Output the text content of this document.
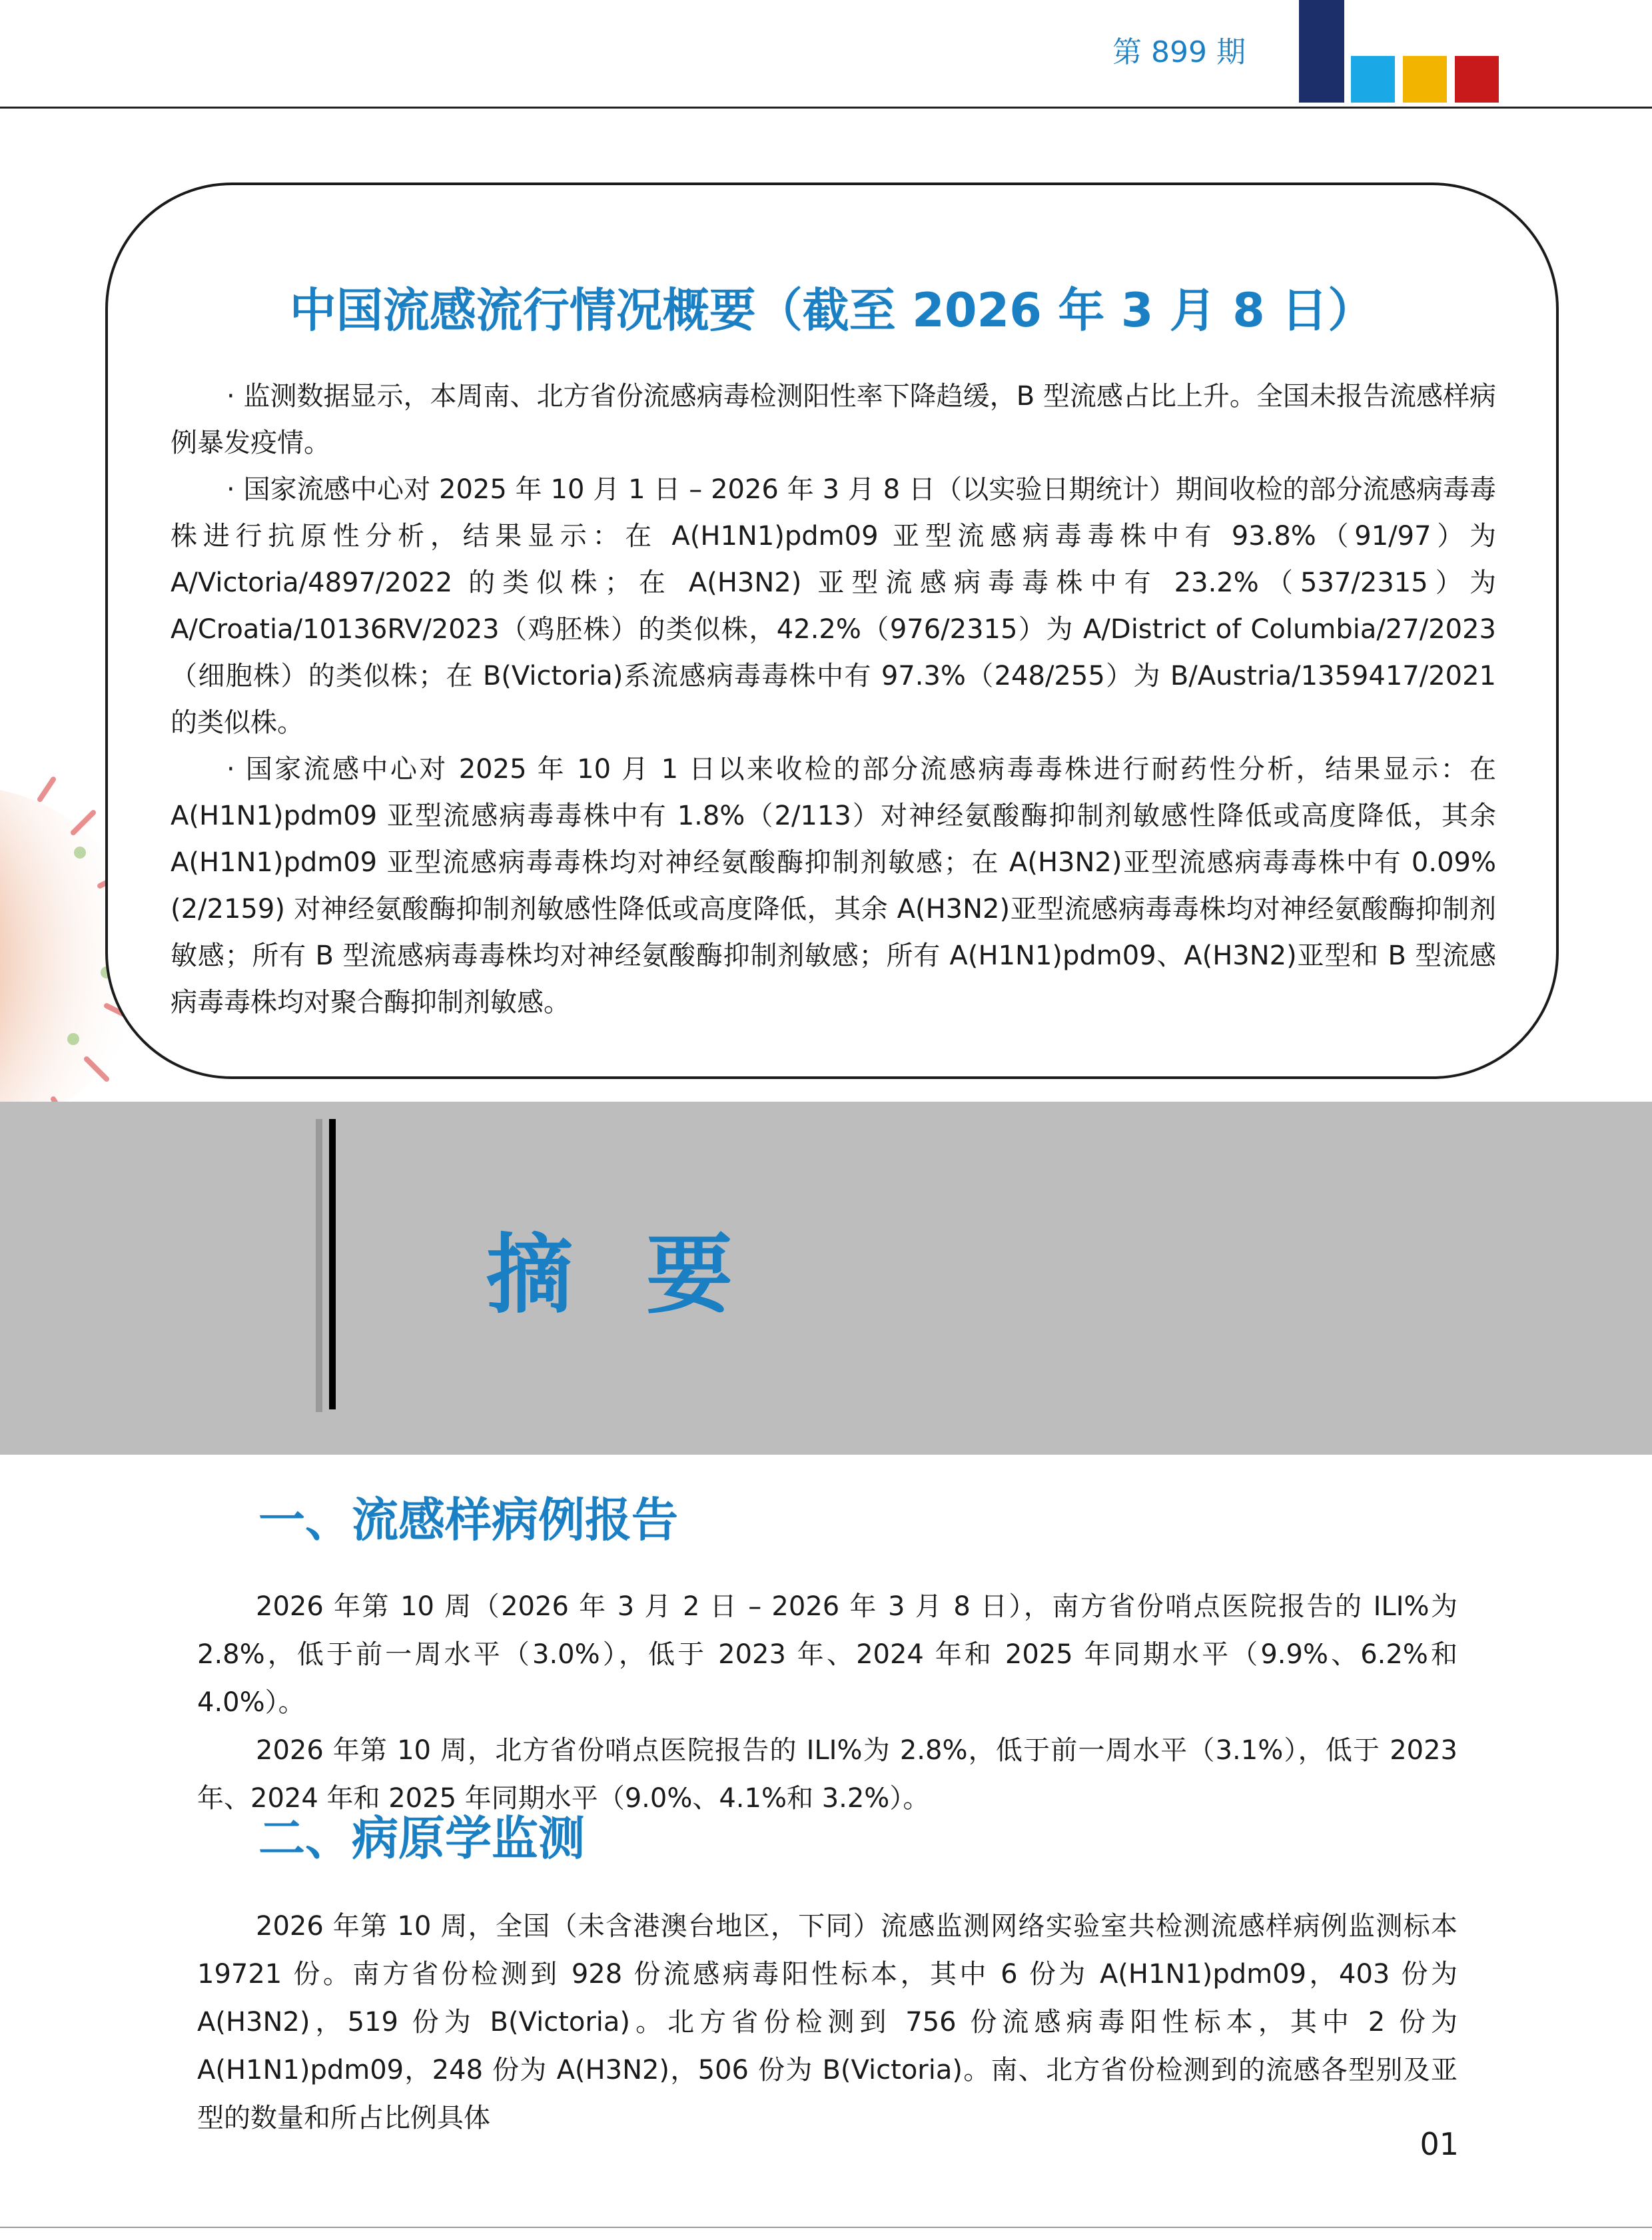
第 899 期
中国流感流行情况概要（截至 2026 年 3 月 8 日）

· 监测数据显示，本周南、北方省份流感病毒检测阳性率下降趋缓，B 型流感占比上升。全国未报告流感样病例暴发疫情。

· 国家流感中心对 2025 年 10 月 1 日 – 2026 年 3 月 8 日（以实验日期统计）期间收检的部分流感病毒毒株进行抗原性分析，结果显示：在 A(H1N1)pdm09 亚型流感病毒毒株中有 93.8%（91/97）为 A/Victoria/4897/2022 的类似株；在 A(H3N2) 亚型流感病毒毒株中有 23.2%（537/2315）为 A/Croatia/10136RV/2023（鸡胚株）的类似株，42.2%（976/2315）为 A/District of Columbia/27/2023（细胞株）的类似株；在 B(Victoria)系流感病毒毒株中有 97.3%（248/255）为 B/Austria/1359417/2021 的类似株。

· 国家流感中心对 2025 年 10 月 1 日以来收检的部分流感病毒毒株进行耐药性分析，结果显示：在 A(H1N1)pdm09 亚型流感病毒毒株中有 1.8%（2/113）对神经氨酸酶抑制剂敏感性降低或高度降低，其余 A(H1N1)pdm09 亚型流感病毒毒株均对神经氨酸酶抑制剂敏感；在 A(H3N2)亚型流感病毒毒株中有 0.09%(2/2159) 对神经氨酸酶抑制剂敏感性降低或高度降低，其余 A(H3N2)亚型流感病毒毒株均对神经氨酸酶抑制剂敏感；所有 B 型流感病毒毒株均对神经氨酸酶抑制剂敏感；所有 A(H1N1)pdm09、A(H3N2)亚型和 B 型流感病毒毒株均对聚合酶抑制剂敏感。

摘要
一、流感样病例报告

2026 年第 10 周（2026 年 3 月 2 日 – 2026 年 3 月 8 日），南方省份哨点医院报告的 ILI%为 2.8%，低于前一周水平（3.0%），低于 2023 年、2024 年和 2025 年同期水平（9.9%、6.2%和 4.0%）。

2026 年第 10 周，北方省份哨点医院报告的 ILI%为 2.8%，低于前一周水平（3.1%），低于 2023 年、2024 年和 2025 年同期水平（9.0%、4.1%和 3.2%）。

二、病原学监测

2026 年第 10 周，全国（未含港澳台地区，下同）流感监测网络实验室共检测流感样病例监测标本 19721 份。南方省份检测到 928 份流感病毒阳性标本，其中 6 份为 A(H1N1)pdm09，403 份为 A(H3N2)，519 份为 B(Victoria)。北方省份检测到 756 份流感病毒阳性标本，其中 2 份为 A(H1N1)pdm09，248 份为 A(H3N2)，506 份为 B(Victoria)。南、北方省份检测到的流感各型别及亚型的数量和所占比例具体

01
